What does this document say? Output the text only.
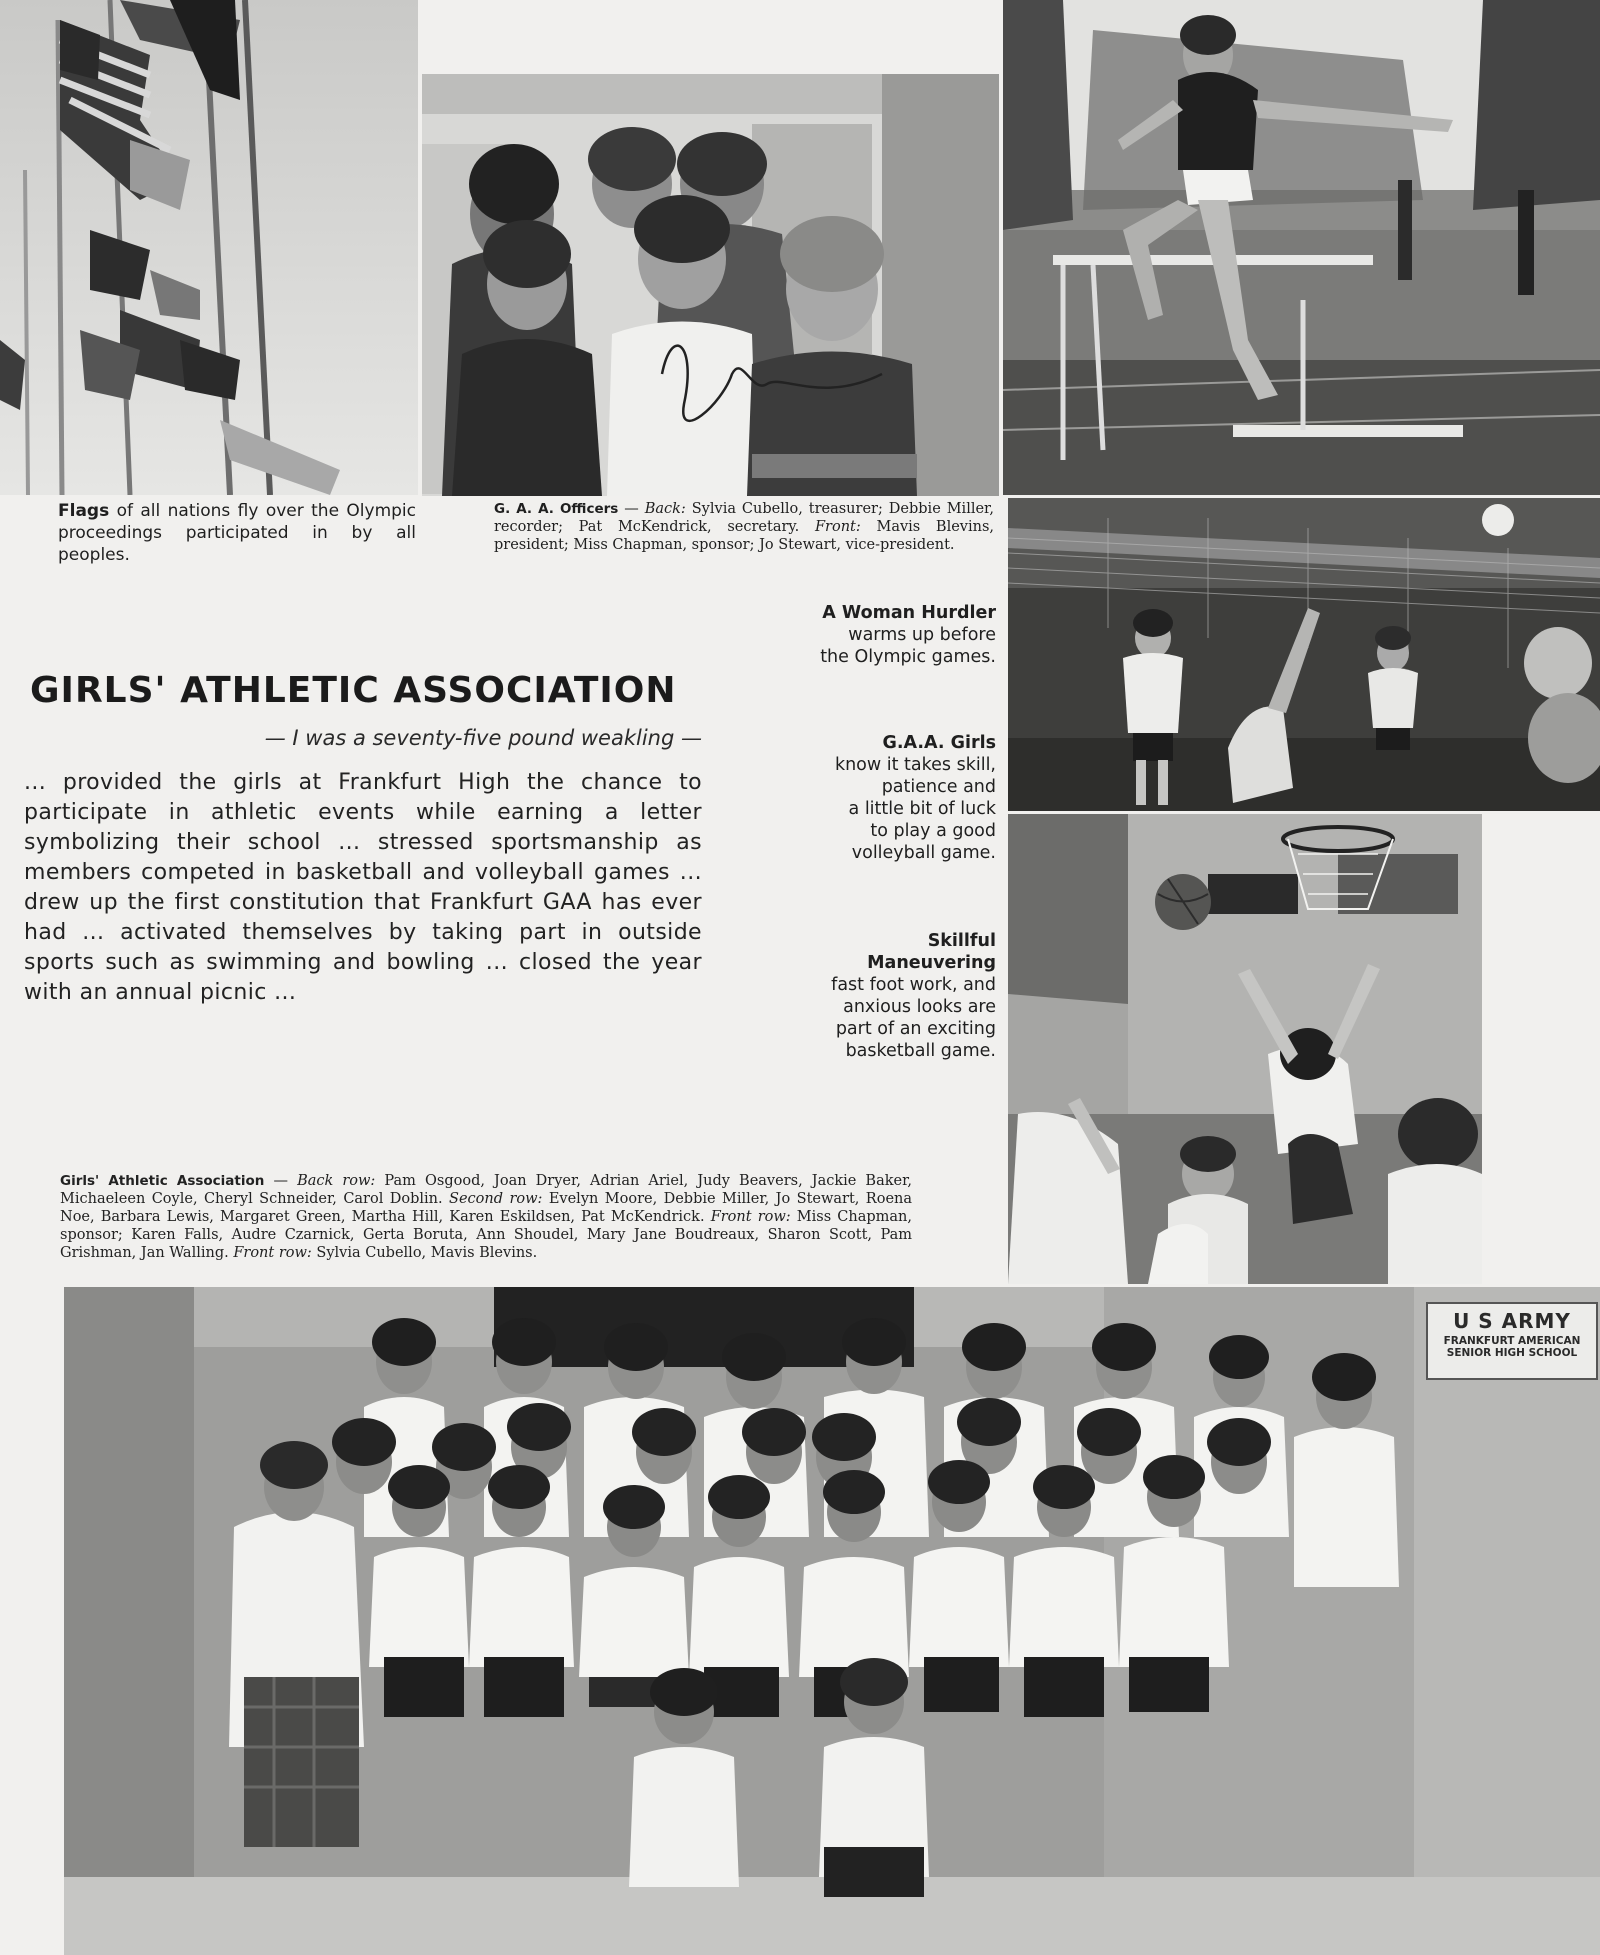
Flags of all nations fly over the Olympic proceedings participated in by all peoples.
G. A. A. Officers — Back: Sylvia Cubello, treasurer; Debbie Miller, recorder; Pat McKendrick, secretary. Front: Mavis Blevins, president; Miss Chapman, sponsor; Jo Stewart, vice-president.
A Woman Hurdler
warms up before
the Olympic games.
G.A.A. Girls
know it takes skill,
patience and
a little bit of luck
to play a good
volleyball game.
Skillful
Maneuvering
fast foot work, and
anxious looks are
part of an exciting
basketball game.
GIRLS' ATHLETIC ASSOCIATION
— I was a seventy-five pound weakling —
... provided the girls at Frankfurt High the chance to participate in athletic events while earning a letter symbolizing their school ... stressed sportsmanship as members competed in basketball and volleyball games ... drew up the first constitution that Frankfurt GAA has ever had ... activated themselves by taking part in outside sports such as swimming and bowling ... closed the year with an annual picnic ...
Girls' Athletic Association — Back row: Pam Osgood, Joan Dryer, Adrian Ariel, Judy Beavers, Jackie Baker, Michaeleen Coyle, Cheryl Schneider, Carol Doblin. Second row: Evelyn Moore, Debbie Miller, Jo Stewart, Roena Noe, Barbara Lewis, Margaret Green, Martha Hill, Karen Eskildsen, Pat McKendrick. Front row: Miss Chapman, sponsor; Karen Falls, Audre Czarnick, Gerta Boruta, Ann Shoudel, Mary Jane Boudreaux, Sharon Scott, Pam Grishman, Jan Walling. Front row: Sylvia Cubello, Mavis Blevins.
U S ARMY
FRANKFURT AMERICAN
SENIOR HIGH SCHOOL
